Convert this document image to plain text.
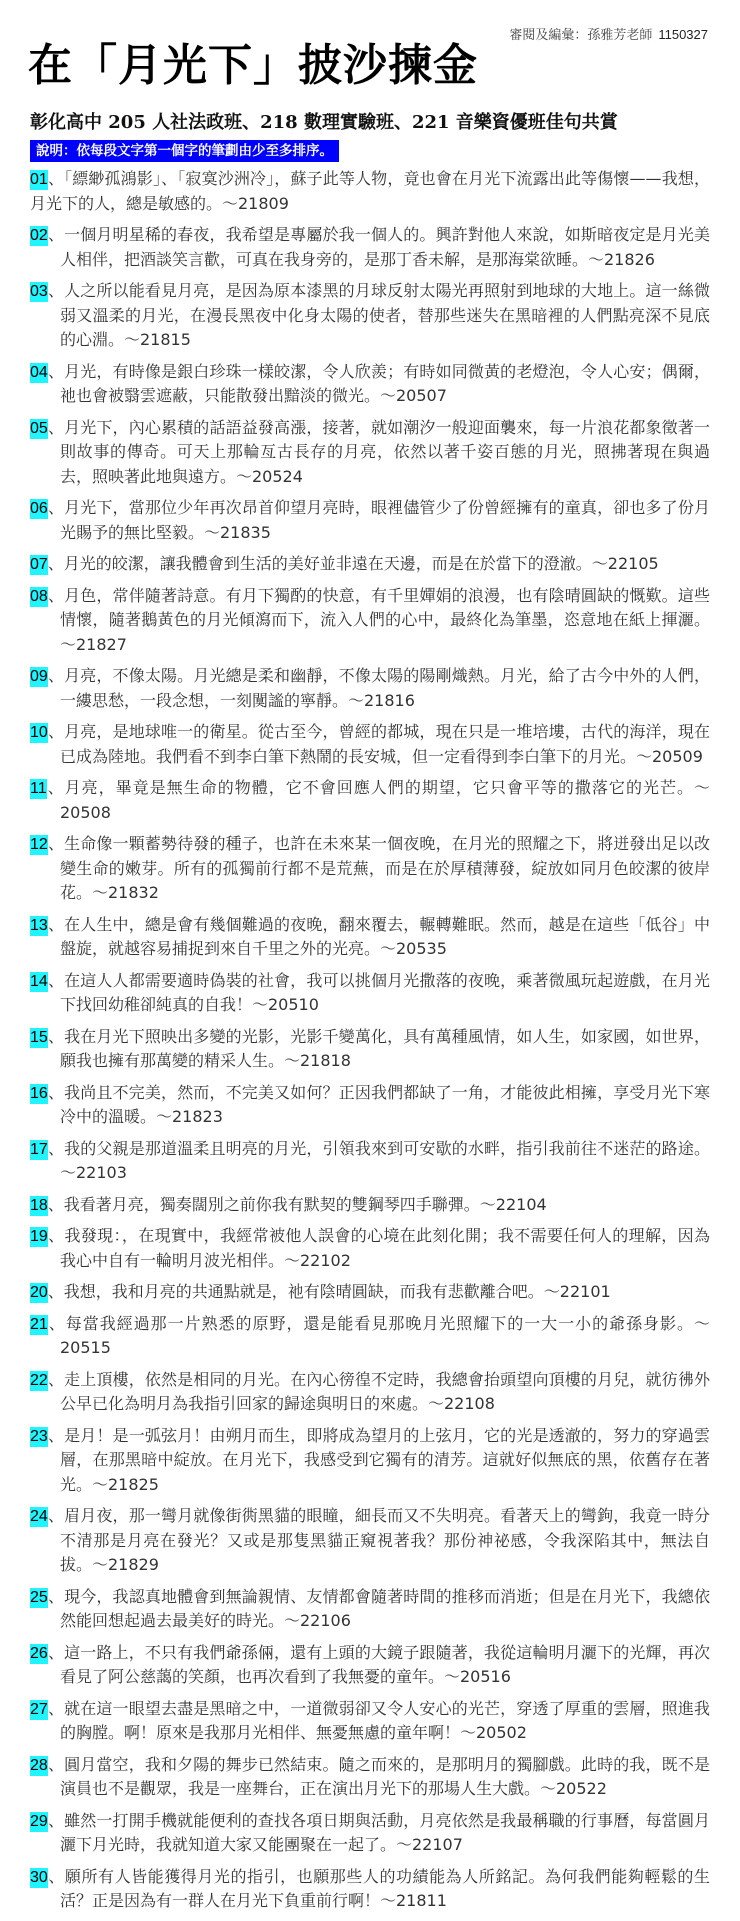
審閱及編彙：孫雅芳老師 1150327
在「月光下」披沙揀金
彰化高中 205 人社法政班、218 數理實驗班、221 音樂資優班佳句共賞
說明：依每段文字第一個字的筆劃由少至多排序。
01、「縹緲孤鴻影」、「寂寞沙洲冷」，蘇子此等人物，竟也會在月光下流露出此等傷懷——我想，月光下的人，總是敏感的。～21809
02、一個月明星稀的春夜，我希望是專屬於我一個人的。興許對他人來說，如斯暗夜定是月光美人相伴，把酒談笑言歡，可真在我身旁的，是那丁香未解，是那海棠欲睡。～21826
03、人之所以能看見月亮，是因為原本漆黑的月球反射太陽光再照射到地球的大地上。這一絲微弱又溫柔的月光，在漫長黑夜中化身太陽的使者，替那些迷失在黑暗裡的人們點亮深不見底的心淵。～21815
04、月光，有時像是銀白珍珠一樣皎潔，令人欣羨；有時如同微黃的老燈泡，令人心安；偶爾，祂也會被翳雲遮蔽，只能散發出黯淡的微光。～20507
05、月光下，內心累積的話語益發高漲，接著，就如潮汐一般迎面襲來，每一片浪花都象徵著一則故事的傳奇。可天上那輪亙古長存的月亮，依然以著千姿百態的月光，照拂著現在與過去，照映著此地與遠方。～20524
06、月光下，當那位少年再次昂首仰望月亮時，眼裡儘管少了份曾經擁有的童真，卻也多了份月光賜予的無比堅毅。～21835
07、月光的皎潔，讓我體會到生活的美好並非遠在天邊，而是在於當下的澄澈。～22105
08、月色，常伴隨著詩意。有月下獨酌的快意，有千里嬋娟的浪漫，也有陰晴圓缺的慨歎。這些情懷，隨著鵝黃色的月光傾瀉而下，流入人們的心中，最終化為筆墨，恣意地在紙上揮灑。～21827
09、月亮，不像太陽。月光總是柔和幽靜，不像太陽的陽剛熾熱。月光，給了古今中外的人們，一縷思愁，一段念想，一刻闃謐的寧靜。～21816
10、月亮，是地球唯一的衛星。從古至今，曾經的都城，現在只是一堆培塿，古代的海洋，現在已成為陸地。我們看不到李白筆下熱鬧的長安城，但一定看得到李白筆下的月光。～20509
11、月亮，畢竟是無生命的物體，它不會回應人們的期望，它只會平等的撒落它的光芒。～20508
12、生命像一顆蓄勢待發的種子，也許在未來某一個夜晚，在月光的照耀之下，將迸發出足以改變生命的嫩芽。所有的孤獨前行都不是荒蕪，而是在於厚積薄發，綻放如同月色皎潔的彼岸花。～21832
13、在人生中，總是會有幾個難過的夜晚，翻來覆去，輾轉難眠。然而，越是在這些「低谷」中盤旋，就越容易捕捉到來自千里之外的光亮。～20535
14、在這人人都需要適時偽裝的社會，我可以挑個月光撒落的夜晚，乘著微風玩起遊戲，在月光下找回幼稚卻純真的自我！～20510
15、我在月光下照映出多變的光影，光影千變萬化，具有萬種風情，如人生，如家國，如世界，願我也擁有那萬變的精采人生。～21818
16、我尚且不完美，然而，不完美又如何？正因我們都缺了一角，才能彼此相擁，享受月光下寒冷中的溫暖。～21823
17、我的父親是那道溫柔且明亮的月光，引領我來到可安歇的水畔，指引我前往不迷茫的路途。～22103
18、我看著月亮，獨奏闊別之前你我有默契的雙鋼琴四手聯彈。～22104
19、我發現：，在現實中，我經常被他人誤會的心境在此刻化開；我不需要任何人的理解，因為我心中自有一輪明月波光相伴。～22102
20、我想，我和月亮的共通點就是，祂有陰晴圓缺，而我有悲歡離合吧。～22101
21、每當我經過那一片熟悉的原野，還是能看見那晚月光照耀下的一大一小的爺孫身影。～20515
22、走上頂樓，依然是相同的月光。在內心徬徨不定時，我總會抬頭望向頂樓的月兒，就彷彿外公早已化為明月為我指引回家的歸途與明日的來處。～22108
23、是月！是一弧弦月！由朔月而生，即將成為望月的上弦月，它的光是透澈的，努力的穿過雲層，在那黑暗中綻放。在月光下，我感受到它獨有的清芳。這就好似無底的黑，依舊存在著光。～21825
24、眉月夜，那一彎月就像街衖黑貓的眼瞳，細長而又不失明亮。看著天上的彎鉤，我竟一時分不清那是月亮在發光？又或是那隻黑貓正窺視著我？那份神祕感，令我深陷其中，無法自拔。～21829
25、現今，我認真地體會到無論親情、友情都會隨著時間的推移而消逝；但是在月光下，我總依然能回想起過去最美好的時光。～22106
26、這一路上，不只有我們爺孫倆，還有上頭的大鏡子跟隨著，我從這輪明月灑下的光輝，再次看見了阿公慈藹的笑顏，也再次看到了我無憂的童年。～20516
27、就在這一眼望去盡是黑暗之中，一道微弱卻又令人安心的光芒，穿透了厚重的雲層，照進我的胸膛。啊！原來是我那月光相伴、無憂無慮的童年啊！～20502
28、圓月當空，我和夕陽的舞步已然結束。隨之而來的，是那明月的獨腳戲。此時的我，既不是演員也不是觀眾，我是一座舞台，正在演出月光下的那場人生大戲。～20522
29、雖然一打開手機就能便利的查找各項日期與活動，月亮依然是我最稱職的行事曆，每當圓月灑下月光時，我就知道大家又能團聚在一起了。～22107
30、願所有人皆能獲得月光的指引，也願那些人的功績能為人所銘記。為何我們能夠輕鬆的生活？正是因為有一群人在月光下負重前行啊！～21811
